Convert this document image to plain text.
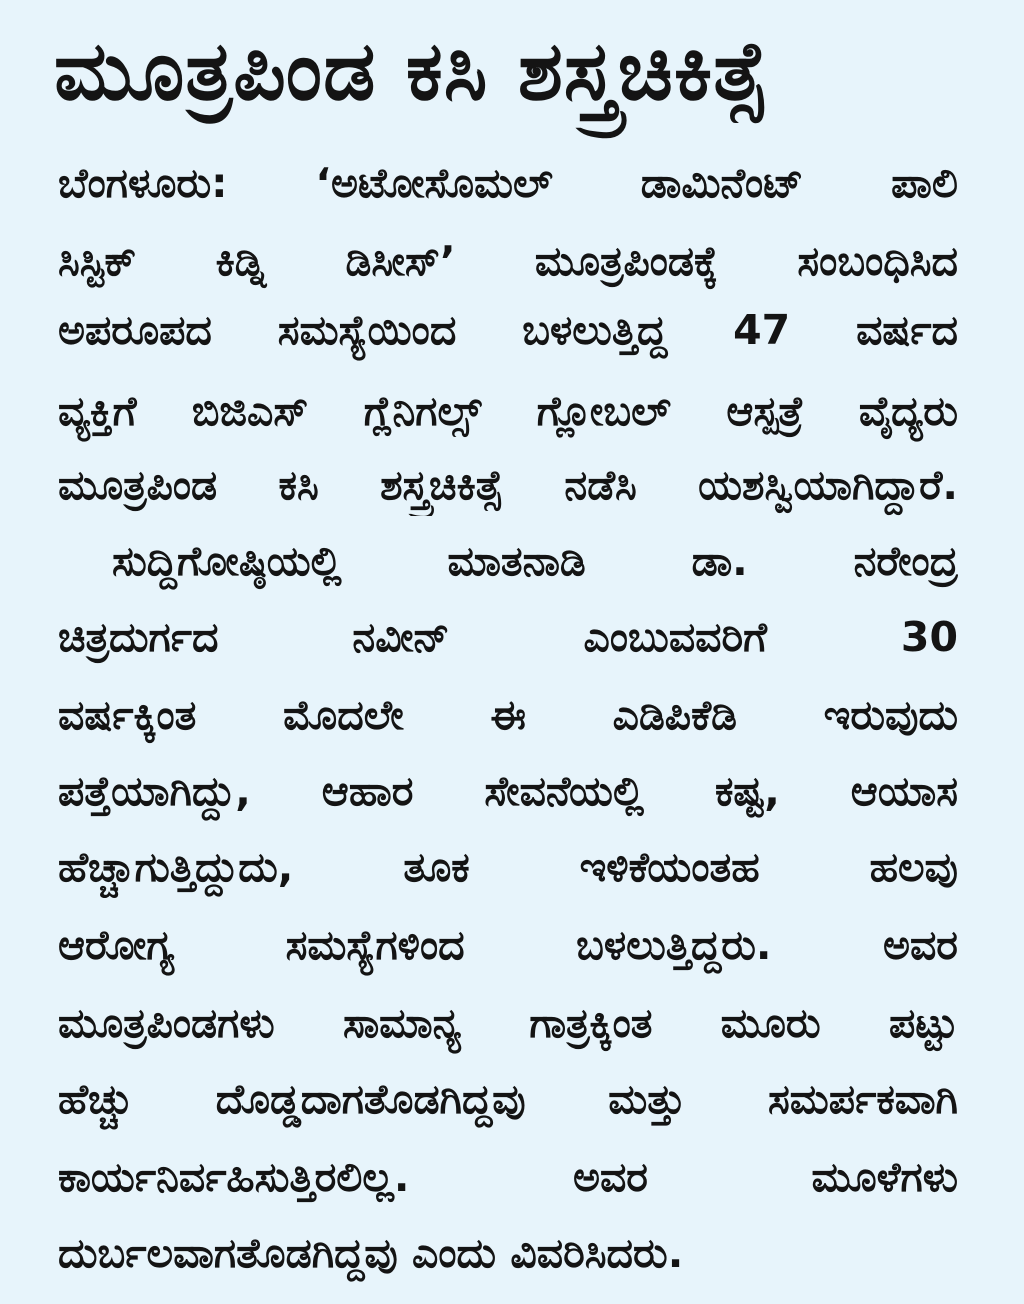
ಮೂತ್ರಪಿಂಡ ಕಸಿ ಶಸ್ತ್ರಚಿಕಿತ್ಸೆ
ಬೆಂಗಳೂರು: ‘ಅಟೋಸೊಮಲ್ ಡಾಮಿನೆಂಟ್ ಪಾಲಿ
ಸಿಸ್ಟಿಕ್ ಕಿಡ್ನಿ ಡಿಸೀಸ್’ ಮೂತ್ರಪಿಂಡಕ್ಕೆ ಸಂಬಂಧಿಸಿದ
ಅಪರೂಪದ ಸಮಸ್ಯೆಯಿಂದ ಬಳಲುತ್ತಿದ್ದ 47 ವರ್ಷದ
ವ್ಯಕ್ತಿಗೆ ಬಿಜಿಎಸ್ ಗ್ಲೆನಿಗಲ್ಸ್ ಗ್ಲೋಬಲ್ ಆಸ್ಪತ್ರೆ ವೈದ್ಯರು
ಮೂತ್ರಪಿಂಡ ಕಸಿ ಶಸ್ತ್ರಚಿಕಿತ್ಸೆ ನಡೆಸಿ ಯಶಸ್ವಿಯಾಗಿದ್ದಾರೆ.
ಸುದ್ದಿಗೋಷ್ಠಿಯಲ್ಲಿ ಮಾತನಾಡಿ ಡಾ. ನರೇಂದ್ರ
ಚಿತ್ರದುರ್ಗದ ನವೀನ್ ಎಂಬುವವರಿಗೆ 30
ವರ್ಷಕ್ಕಿಂತ ಮೊದಲೇ ಈ ಎಡಿಪಿಕೆಡಿ ಇರುವುದು
ಪತ್ತೆಯಾಗಿದ್ದು, ಆಹಾರ ಸೇವನೆಯಲ್ಲಿ ಕಷ್ಟ, ಆಯಾಸ
ಹೆಚ್ಚಾಗುತ್ತಿದ್ದುದು, ತೂಕ ಇಳಿಕೆಯಂತಹ ಹಲವು
ಆರೋಗ್ಯ ಸಮಸ್ಯೆಗಳಿಂದ ಬಳಲುತ್ತಿದ್ದರು. ಅವರ
ಮೂತ್ರಪಿಂಡಗಳು ಸಾಮಾನ್ಯ ಗಾತ್ರಕ್ಕಿಂತ ಮೂರು ಪಟ್ಟು
ಹೆಚ್ಚು ದೊಡ್ಡದಾಗತೊಡಗಿದ್ದವು ಮತ್ತು ಸಮರ್ಪಕವಾಗಿ
ಕಾರ್ಯನಿರ್ವಹಿಸುತ್ತಿರಲಿಲ್ಲ. ಅವರ ಮೂಳೆಗಳು
ದುರ್ಬಲವಾಗತೊಡಗಿದ್ದವು ಎಂದು ವಿವರಿಸಿದರು.
